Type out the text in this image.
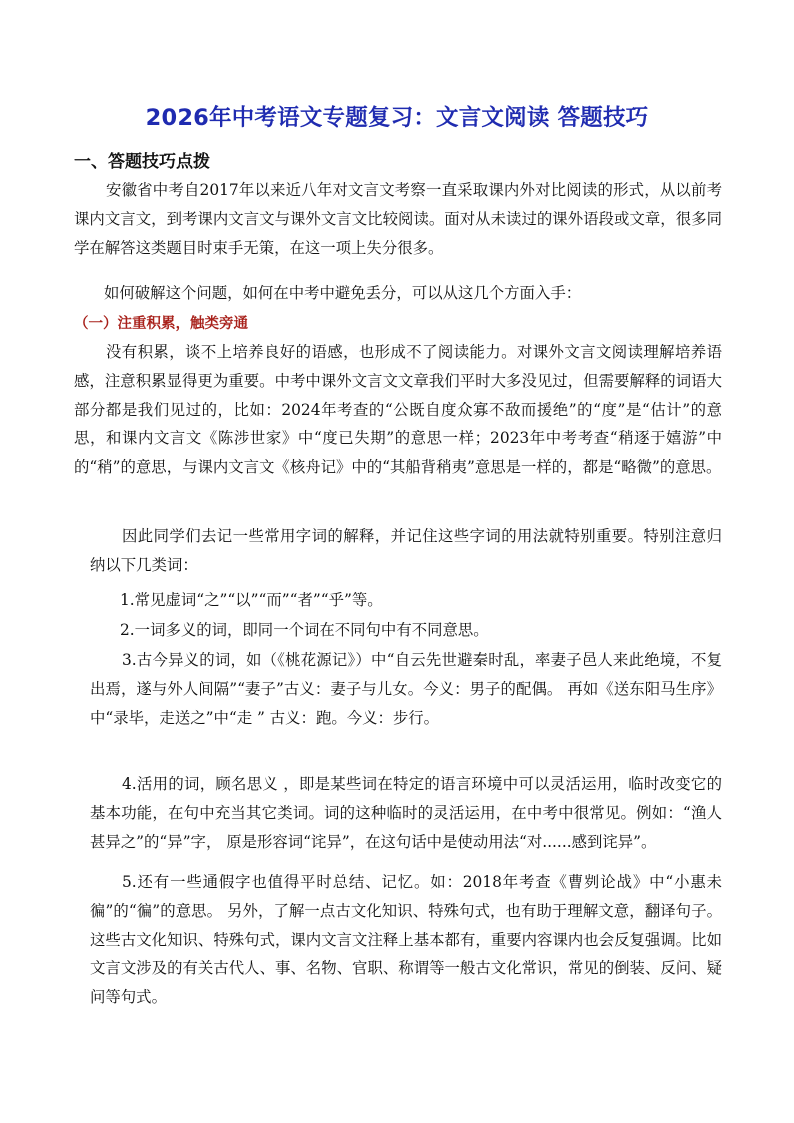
2026年中考语文专题复习：文言文阅读 答题技巧
一、答题技巧点拨

安徽省中考自2017年以来近八年对文言文考察一直采取课内外对比阅读的形式，从以前考课内文言文，到考课内文言文与课外文言文比较阅读。面对从未读过的课外语段或文章，很多同学在解答这类题目时束手无策，在这一项上失分很多。

如何破解这个问题，如何在中考中避免丢分，可以从这几个方面入手：

（一）注重积累，触类旁通

没有积累，谈不上培养良好的语感，也形成不了阅读能力。对课外文言文阅读理解培养语感，注意积累显得更为重要。中考中课外文言文文章我们平时大多没见过，但需要解释的词语大部分都是我们见过的，比如：2024年考查的“公既自度众寡不敌而援绝”的“度”是“估计”的意思，和课内文言文《陈涉世家》中“度已失期”的意思一样；2023年中考考查“稍逐于嬉游”中的“稍”的意思，与课内文言文《核舟记》中的“其船背稍夷”意思是一样的，都是“略微”的意思。

因此同学们去记一些常用字词的解释，并记住这些字词的用法就特别重要。特别注意归纳以下几类词：

1.常见虚词“之”“以”“而”“者”“乎”等。

2.一词多义的词，即同一个词在不同句中有不同意思。

3.古今异义的词，如（《桃花源记》）中“自云先世避秦时乱，率妻子邑人来此绝境，不复出焉，遂与外人间隔”“妻子”古义：妻子与儿女。今义：男子的配偶。 再如《送东阳马生序》中“录毕，走送之”中“走 ” 古义：跑。今义：步行。

4.活用的词，顾名思义 ，即是某些词在特定的语言环境中可以灵活运用，临时改变它的基本功能，在句中充当其它类词。词的这种临时的灵活运用，在中考中很常见。例如：“渔人甚异之”的“异”字， 原是形容词“诧异”，在这句话中是使动用法“对......感到诧异”。

5.还有一些通假字也值得平时总结、记忆。如：2018年考查《曹刿论战》中“小惠未徧”的“徧”的意思。 另外，了解一点古文化知识、特殊句式，也有助于理解文意，翻译句子。这些古文化知识、特殊句式，课内文言文注释上基本都有，重要内容课内也会反复强调。比如文言文涉及的有关古代人、事、名物、官职、称谓等一般古文化常识，常见的倒装、反问、疑问等句式。
